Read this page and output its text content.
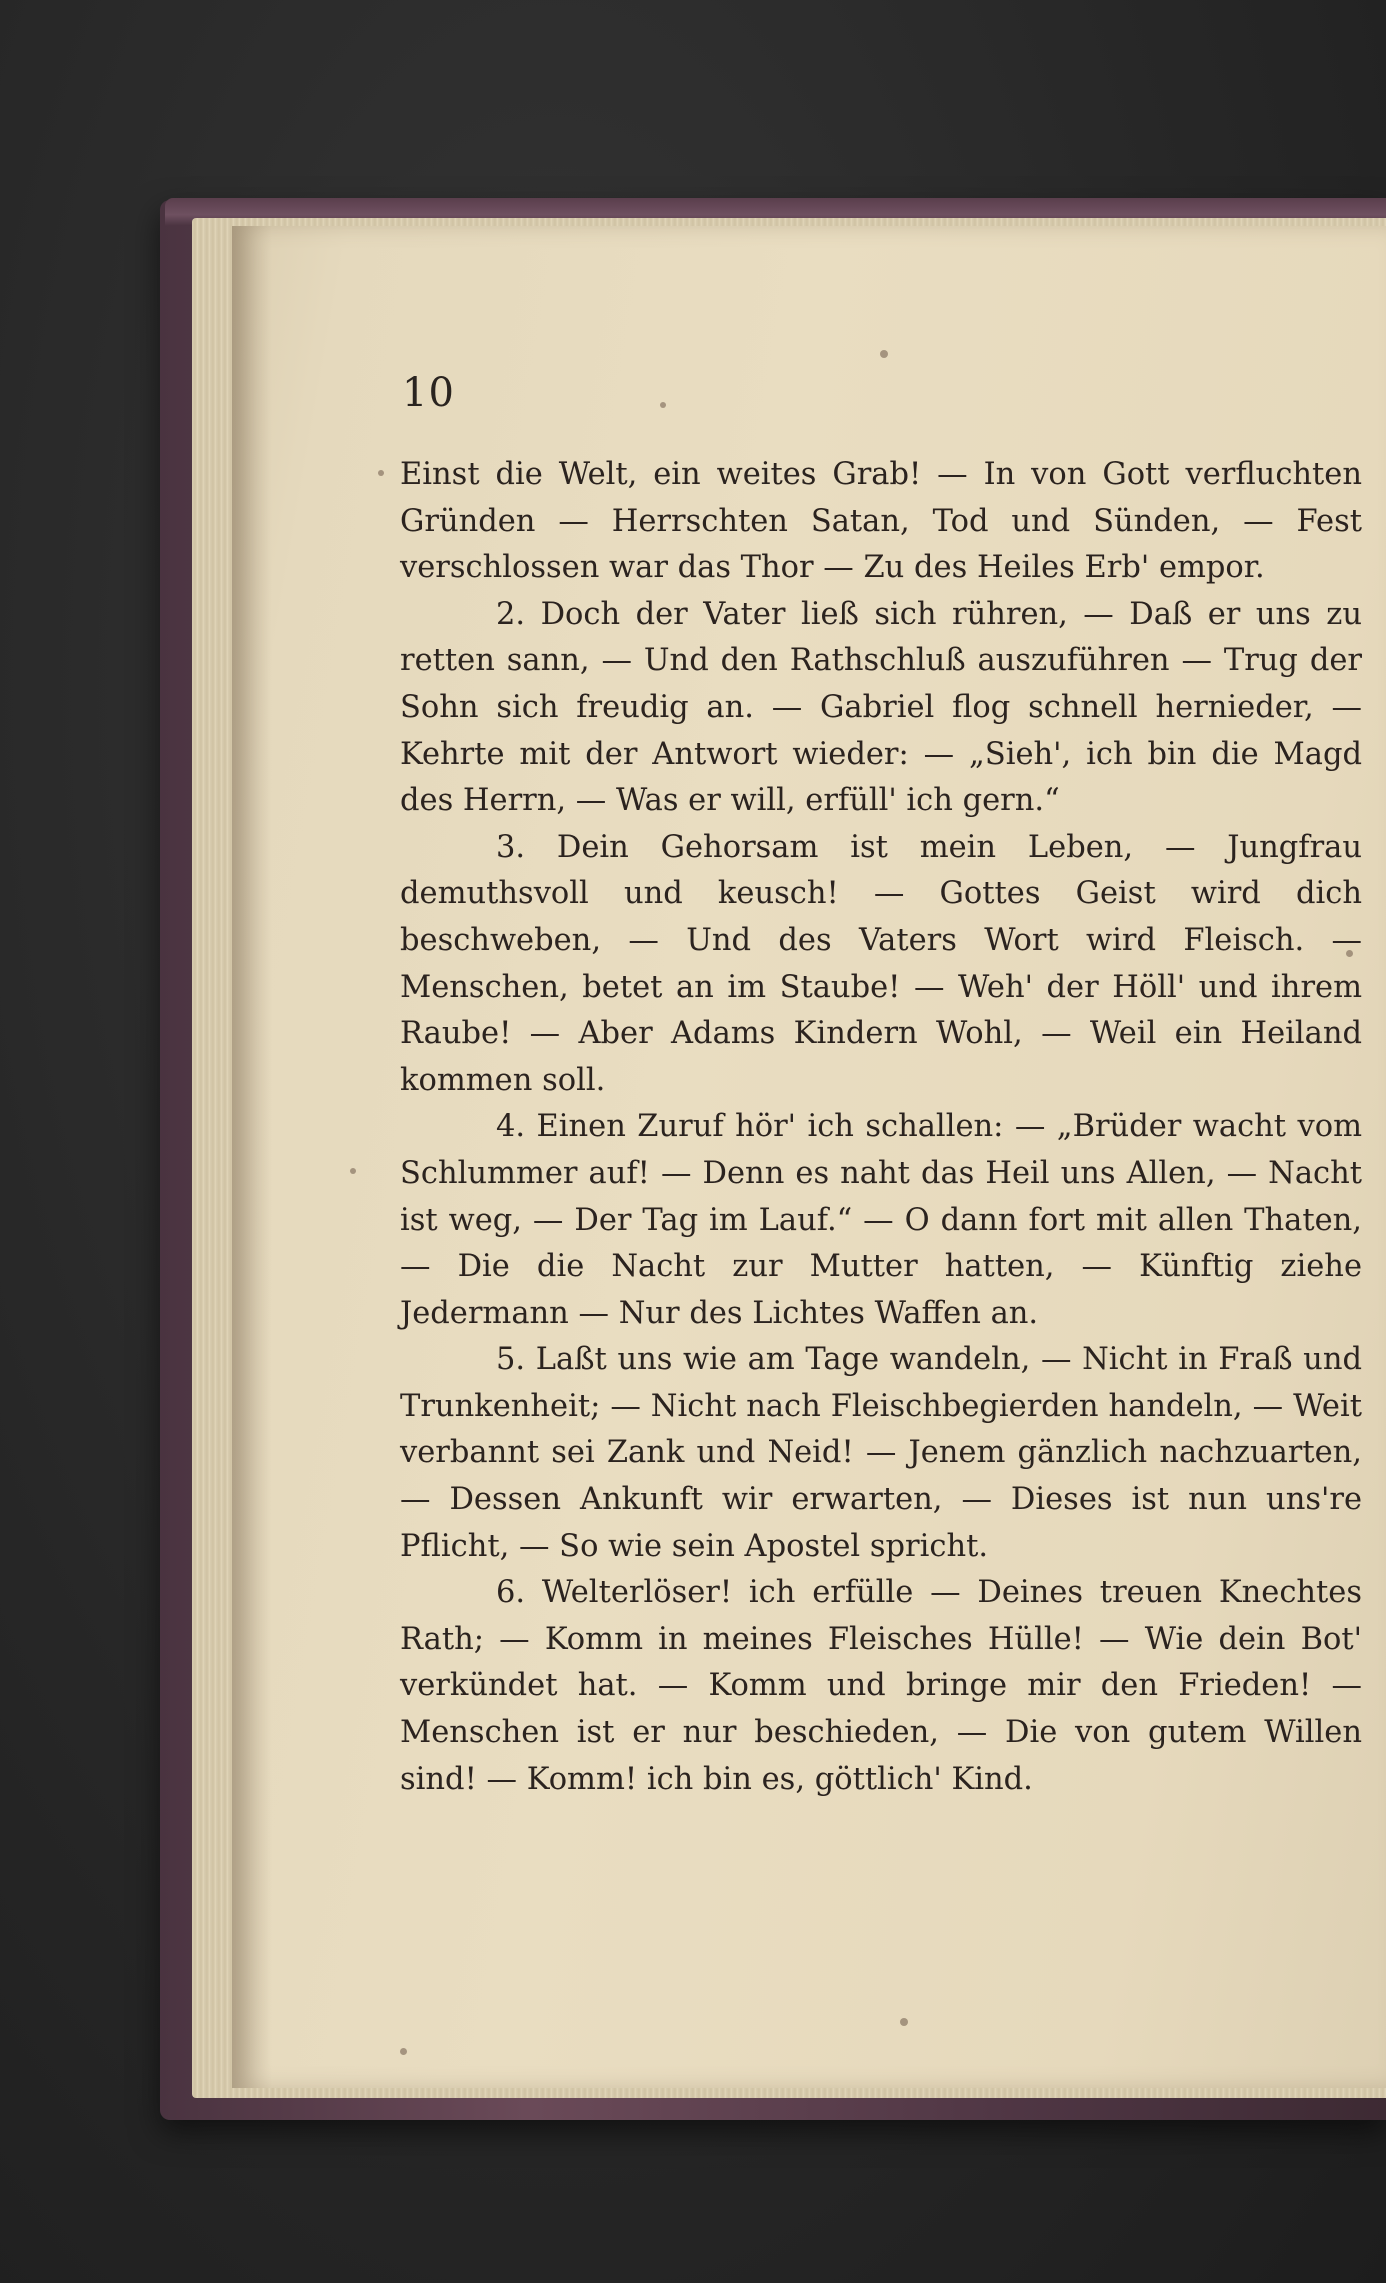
10

Einst die Welt, ein weites Grab! — In von Gott verfluchten Gründen — Herrschten Satan, Tod und Sünden, — Fest verschlossen war das Thor — Zu des Heiles Erb' empor.

2. Doch der Vater ließ sich rühren, — Daß er uns zu retten sann, — Und den Rathschluß auszuführen — Trug der Sohn sich freudig an. — Gabriel flog schnell hernieder, — Kehrte mit der Antwort wieder: — „Sieh', ich bin die Magd des Herrn, — Was er will, erfüll' ich gern.“

3. Dein Gehorsam ist mein Leben, — Jungfrau demuthsvoll und keusch! — Gottes Geist wird dich beschweben, — Und des Vaters Wort wird Fleisch. — Menschen, betet an im Staube! — Weh' der Höll' und ihrem Raube! — Aber Adams Kindern Wohl, — Weil ein Heiland kommen soll.

4. Einen Zuruf hör' ich schallen: — „Brüder wacht vom Schlummer auf! — Denn es naht das Heil uns Allen, — Nacht ist weg, — Der Tag im Lauf.“ — O dann fort mit allen Thaten, — Die die Nacht zur Mutter hatten, — Künftig ziehe Jedermann — Nur des Lichtes Waffen an.

5. Laßt uns wie am Tage wandeln, — Nicht in Fraß und Trunkenheit; — Nicht nach Fleischbegierden handeln, — Weit verbannt sei Zank und Neid! — Jenem gänzlich nachzuarten, — Dessen Ankunft wir erwarten, — Dieses ist nun uns're Pflicht, — So wie sein Apostel spricht.

6. Welterlöser! ich erfülle — Deines treuen Knechtes Rath; — Komm in meines Fleisches Hülle! — Wie dein Bot' verkündet hat. — Komm und bringe mir den Frieden! — Menschen ist er nur beschieden, — Die von gutem Willen sind! — Komm! ich bin es, göttlich' Kind.
